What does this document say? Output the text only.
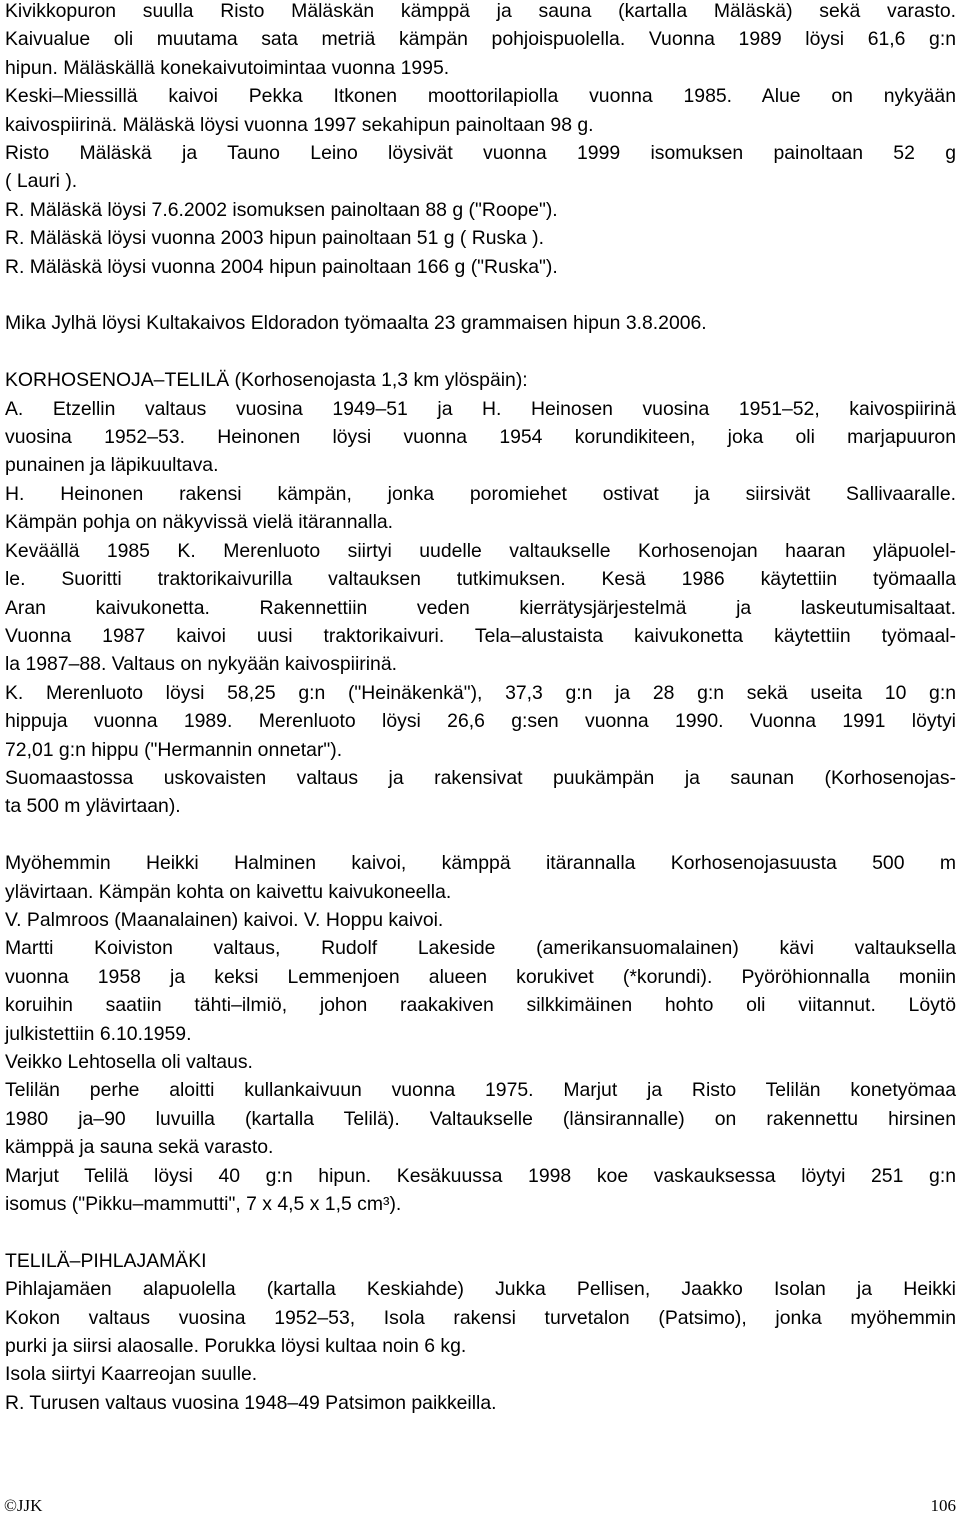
Kivikkopuron suulla Risto Mäläskän kämppä ja sauna (kartalla Mäläskä) sekä varasto.
Kaivualue oli muutama sata metriä kämpän pohjoispuolella. Vuonna 1989 löysi 61,6 g:n
hipun. Mäläskällä konekaivutoimintaa vuonna 1995.
Keski–Miessillä kaivoi Pekka Itkonen moottorilapiolla vuonna 1985. Alue on nykyään
kaivospiirinä. Mäläskä löysi vuonna 1997 sekahipun painoltaan 98 g.
Risto Mäläskä ja Tauno Leino löysivät vuonna 1999 isomuksen painoltaan 52 g
( Lauri ).
R. Mäläskä löysi 7.6.2002 isomuksen painoltaan 88 g ("Roope").
R. Mäläskä löysi vuonna 2003 hipun painoltaan 51 g ( Ruska ).
R. Mäläskä löysi vuonna 2004 hipun painoltaan 166 g ("Ruska").
Mika Jylhä löysi Kultakaivos Eldoradon työmaalta 23 grammaisen hipun 3.8.2006.
KORHOSENOJA–TELILÄ (Korhosenojasta 1,3 km ylöspäin):
A. Etzellin valtaus vuosina 1949–51 ja H. Heinosen vuosina 1951–52, kaivospiirinä
vuosina 1952–53. Heinonen löysi vuonna 1954 korundikiteen, joka oli marjapuuron
punainen ja läpikuultava.
H. Heinonen rakensi kämpän, jonka poromiehet ostivat ja siirsivät Sallivaaralle.
Kämpän pohja on näkyvissä vielä itärannalla.
Keväällä 1985 K. Merenluoto siirtyi uudelle valtaukselle Korhosenojan haaran yläpuolel-
le. Suoritti traktorikaivurilla valtauksen tutkimuksen. Kesä 1986 käytettiin työmaalla
Aran kaivukonetta. Rakennettiin veden kierrätysjärjestelmä ja laskeutumisaltaat.
Vuonna 1987 kaivoi uusi traktorikaivuri. Tela–alustaista kaivukonetta käytettiin työmaal-
la 1987–88. Valtaus on nykyään kaivospiirinä.
K. Merenluoto löysi 58,25 g:n ("Heinäkenkä"), 37,3 g:n ja 28 g:n sekä useita 10 g:n
hippuja vuonna 1989. Merenluoto löysi 26,6 g:sen vuonna 1990. Vuonna 1991 löytyi
72,01 g:n hippu ("Hermannin onnetar").
Suomaastossa uskovaisten valtaus ja rakensivat puukämpän ja saunan (Korhosenojas-
ta 500 m ylävirtaan).
Myöhemmin Heikki Halminen kaivoi, kämppä itärannalla Korhosenojasuusta 500 m
ylävirtaan. Kämpän kohta on kaivettu kaivukoneella.
V. Palmroos (Maanalainen) kaivoi. V. Hoppu kaivoi.
Martti Koiviston valtaus, Rudolf Lakeside (amerikansuomalainen) kävi valtauksella
vuonna 1958 ja keksi Lemmenjoen alueen korukivet (*korundi). Pyöröhionnalla moniin
koruihin saatiin tähti–ilmiö, johon raakakiven silkkimäinen hohto oli viitannut. Löytö
julkistettiin 6.10.1959.
Veikko Lehtosella oli valtaus.
Telilän perhe aloitti kullankaivuun vuonna 1975. Marjut ja Risto Telilän konetyömaa
1980 ja–90 luvuilla (kartalla Telilä). Valtaukselle (länsirannalle) on rakennettu hirsinen
kämppä ja sauna sekä varasto.
Marjut Telilä löysi 40 g:n hipun. Kesäkuussa 1998 koe vaskauksessa löytyi 251 g:n
isomus ("Pikku–mammutti", 7 x 4,5 x 1,5 cm³).
TELILÄ–PIHLAJAMÄKI
Pihlajamäen alapuolella (kartalla Keskiahde) Jukka Pellisen, Jaakko Isolan ja Heikki
Kokon valtaus vuosina 1952–53, Isola rakensi turvetalon (Patsimo), jonka myöhemmin
purki ja siirsi alaosalle. Porukka löysi kultaa noin 6 kg.
Isola siirtyi Kaarreojan suulle.
R. Turusen valtaus vuosina 1948–49 Patsimon paikkeilla.
©JJK	106
